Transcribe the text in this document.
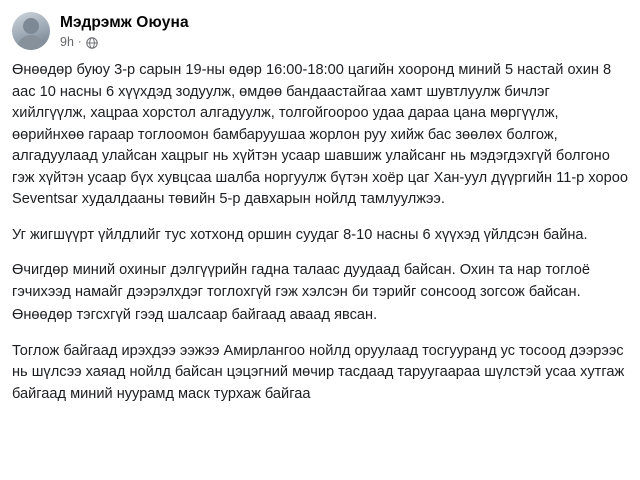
Мэдрэмж Оюуна
9h ·

Өнөөдөр буюу 3-р сарын 19-ны өдөр 16:00-18:00 цагийн хооронд миний 5 настай охин 8 аас 10 насны 6 хүүхдэд зодуулж, өмдөө бандаастайгаа хамт шувтлуулж бичлэг хийлгүүлж, хацраа хорстол алгадуулж, толгойгоороо удаа дараа цана мөргүүлж, өөрийнхөө гараар тоглоомон бамбаруушаа жорлон руу хийж бас зөөлөх болгож, алгадуулаад улайсан хацрыг нь хүйтэн усаар шавшиж улайсанг нь мэдэгдэхгүй болгоно гэж хүйтэн усаар бүх хувцсаа шалба норгуулж бүтэн хоёр цаг Хан-уул дүүргийн 11-р хороо Seventsar худалдааны төвийн 5-р давхарын нойлд тамлуулжээ.

Уг жигшүүрт үйлдлийг тус хотхонд оршин суудаг 8-10 насны 6 хүүхэд үйлдсэн байна.

Өчигдөр миний охиныг дэлгүүрийн гадна талаас дуудаад байсан. Охин та нар тоглоё гэчихээд намайг дээрэлхдэг тоглохгүй гэж хэлсэн би тэрийг сонсоод зогсож байсан.

Өнөөдөр тэгсхгүй гээд шалсаар байгаад аваад явсан.

Тоглож байгаад ирэхдээ ээжээ Амирлангоо нойлд оруулаад тосгууранд ус тосоод дээрээс нь шүлсээ хаяад нойлд байсан цэцэгний мөчир тасдаад таруугаараа шүлстэй усаа хутгаж байгаад миний нуурамд маск турхаж байгаа
